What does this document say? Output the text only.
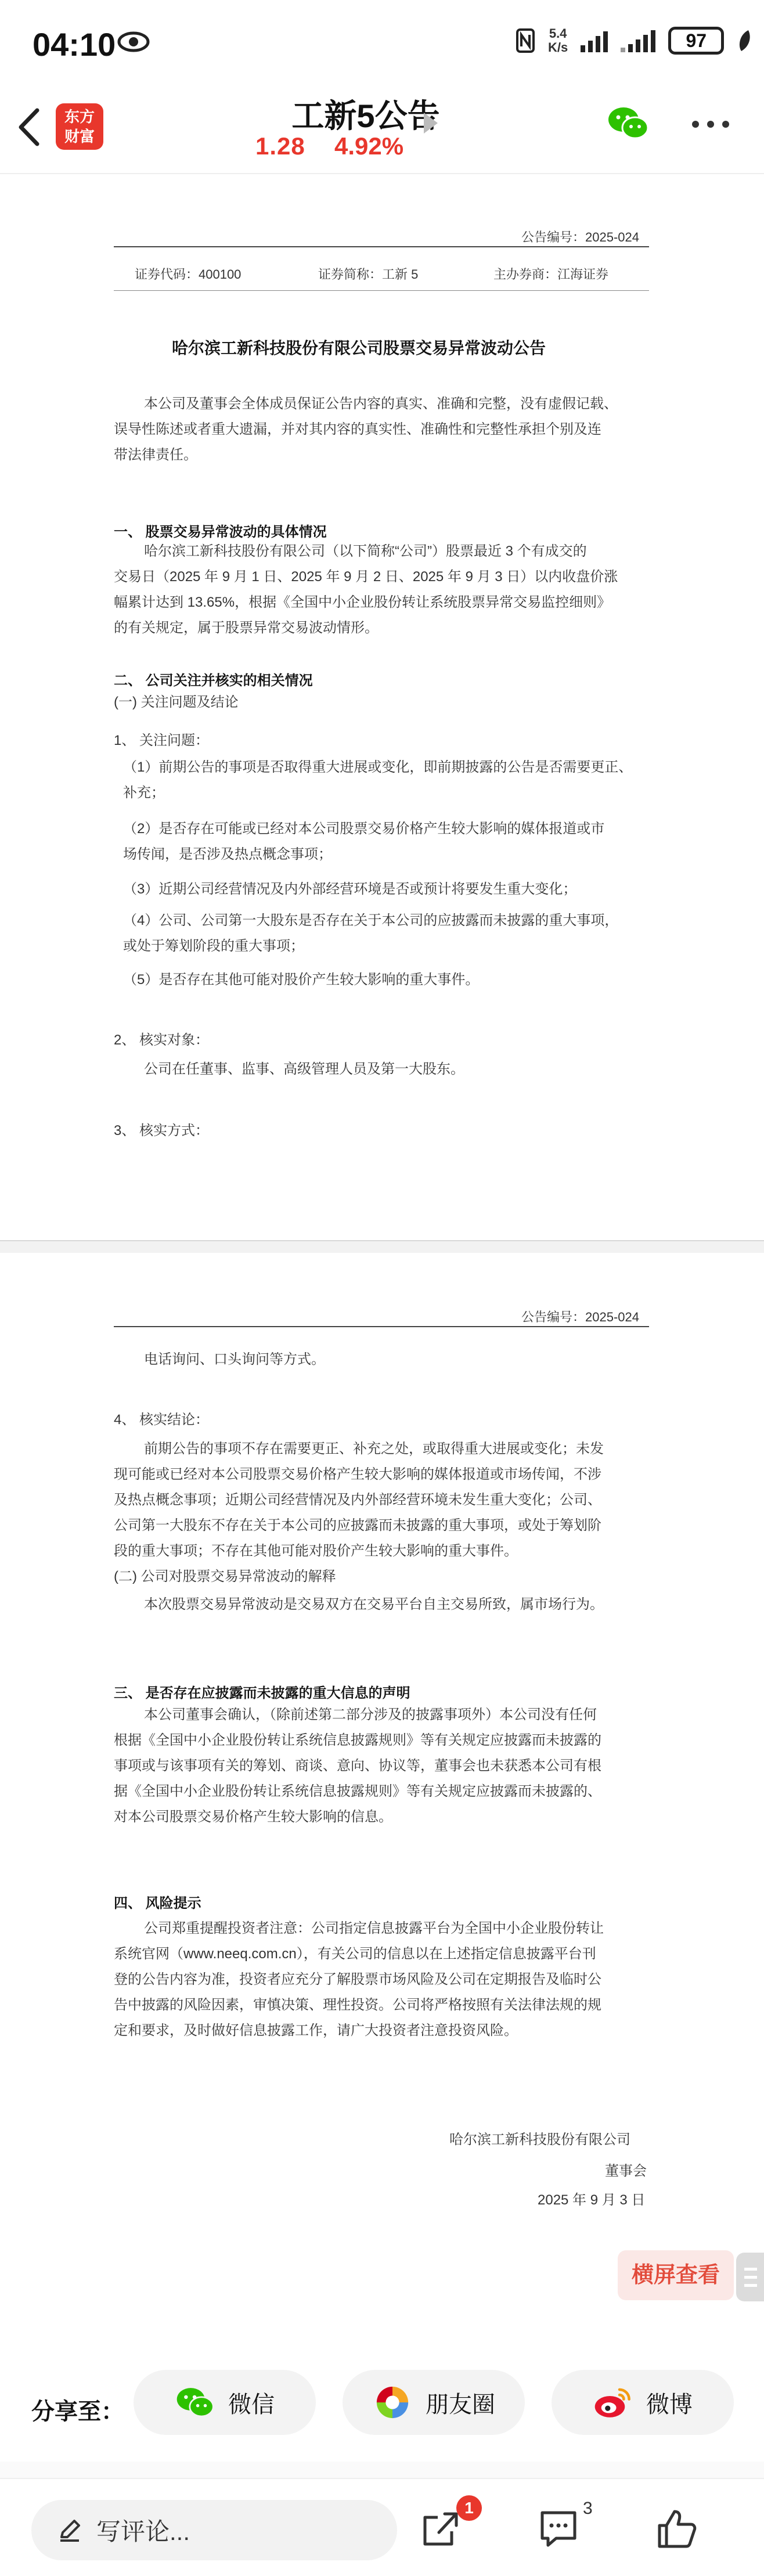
04:10	5.4
K/s	97
东方
财富
工新5公告
1.28 4.92%
公告编号：2025-024
证券代码：400100	证券简称：工新 5	主办券商：江海证券
哈尔滨工新科技股份有限公司股票交易异常波动公告
本公司及董事会全体成员保证公告内容的真实、准确和完整，没有虚假记载、
误导性陈述或者重大遗漏，并对其内容的真实性、准确性和完整性承担个别及连
带法律责任。
一、 股票交易异常波动的具体情况
哈尔滨工新科技股份有限公司（以下简称“公司”）股票最近 3 个有成交的
交易日（2025 年 9 月 1 日、2025 年 9 月 2 日、2025 年 9 月 3 日）以内收盘价涨
幅累计达到 13.65%，根据《全国中小企业股份转让系统股票异常交易监控细则》
的有关规定，属于股票异常交易波动情形。
二、 公司关注并核实的相关情况
(一) 关注问题及结论
1、 关注问题：
（1）前期公告的事项是否取得重大进展或变化，即前期披露的公告是否需要更正、
补充；
（2）是否存在可能或已经对本公司股票交易价格产生较大影响的媒体报道或市
场传闻，是否涉及热点概念事项；
（3）近期公司经营情况及内外部经营环境是否或预计将要发生重大变化；
（4）公司、公司第一大股东是否存在关于本公司的应披露而未披露的重大事项，
或处于筹划阶段的重大事项；
（5）是否存在其他可能对股价产生较大影响的重大事件。
2、 核实对象：
公司在任董事、监事、高级管理人员及第一大股东。
3、 核实方式：
公告编号：2025-024
电话询问、口头询问等方式。
4、 核实结论：
前期公告的事项不存在需要更正、补充之处，或取得重大进展或变化；未发
现可能或已经对本公司股票交易价格产生较大影响的媒体报道或市场传闻，不涉
及热点概念事项；近期公司经营情况及内外部经营环境未发生重大变化；公司、
公司第一大股东不存在关于本公司的应披露而未披露的重大事项，或处于筹划阶
段的重大事项；不存在其他可能对股价产生较大影响的重大事件。
(二) 公司对股票交易异常波动的解释
本次股票交易异常波动是交易双方在交易平台自主交易所致，属市场行为。
三、 是否存在应披露而未披露的重大信息的声明
本公司董事会确认，（除前述第二部分涉及的披露事项外）本公司没有任何
根据《全国中小企业股份转让系统信息披露规则》等有关规定应披露而未披露的
事项或与该事项有关的筹划、商谈、意向、协议等，董事会也未获悉本公司有根
据《全国中小企业股份转让系统信息披露规则》等有关规定应披露而未披露的、
对本公司股票交易价格产生较大影响的信息。
四、 风险提示
公司郑重提醒投资者注意：公司指定信息披露平台为全国中小企业股份转让
系统官网（www.neeq.com.cn），有关公司的信息以在上述指定信息披露平台刊
登的公告内容为准，投资者应充分了解股票市场风险及公司在定期报告及临时公
告中披露的风险因素，审慎决策、理性投资。公司将严格按照有关法律法规的规
定和要求，及时做好信息披露工作，请广大投资者注意投资风险。
哈尔滨工新科技股份有限公司
董事会
2025 年 9 月 3 日
横屏查看
分享至：	微信	朋友圈	微博
写评论...
1	3
